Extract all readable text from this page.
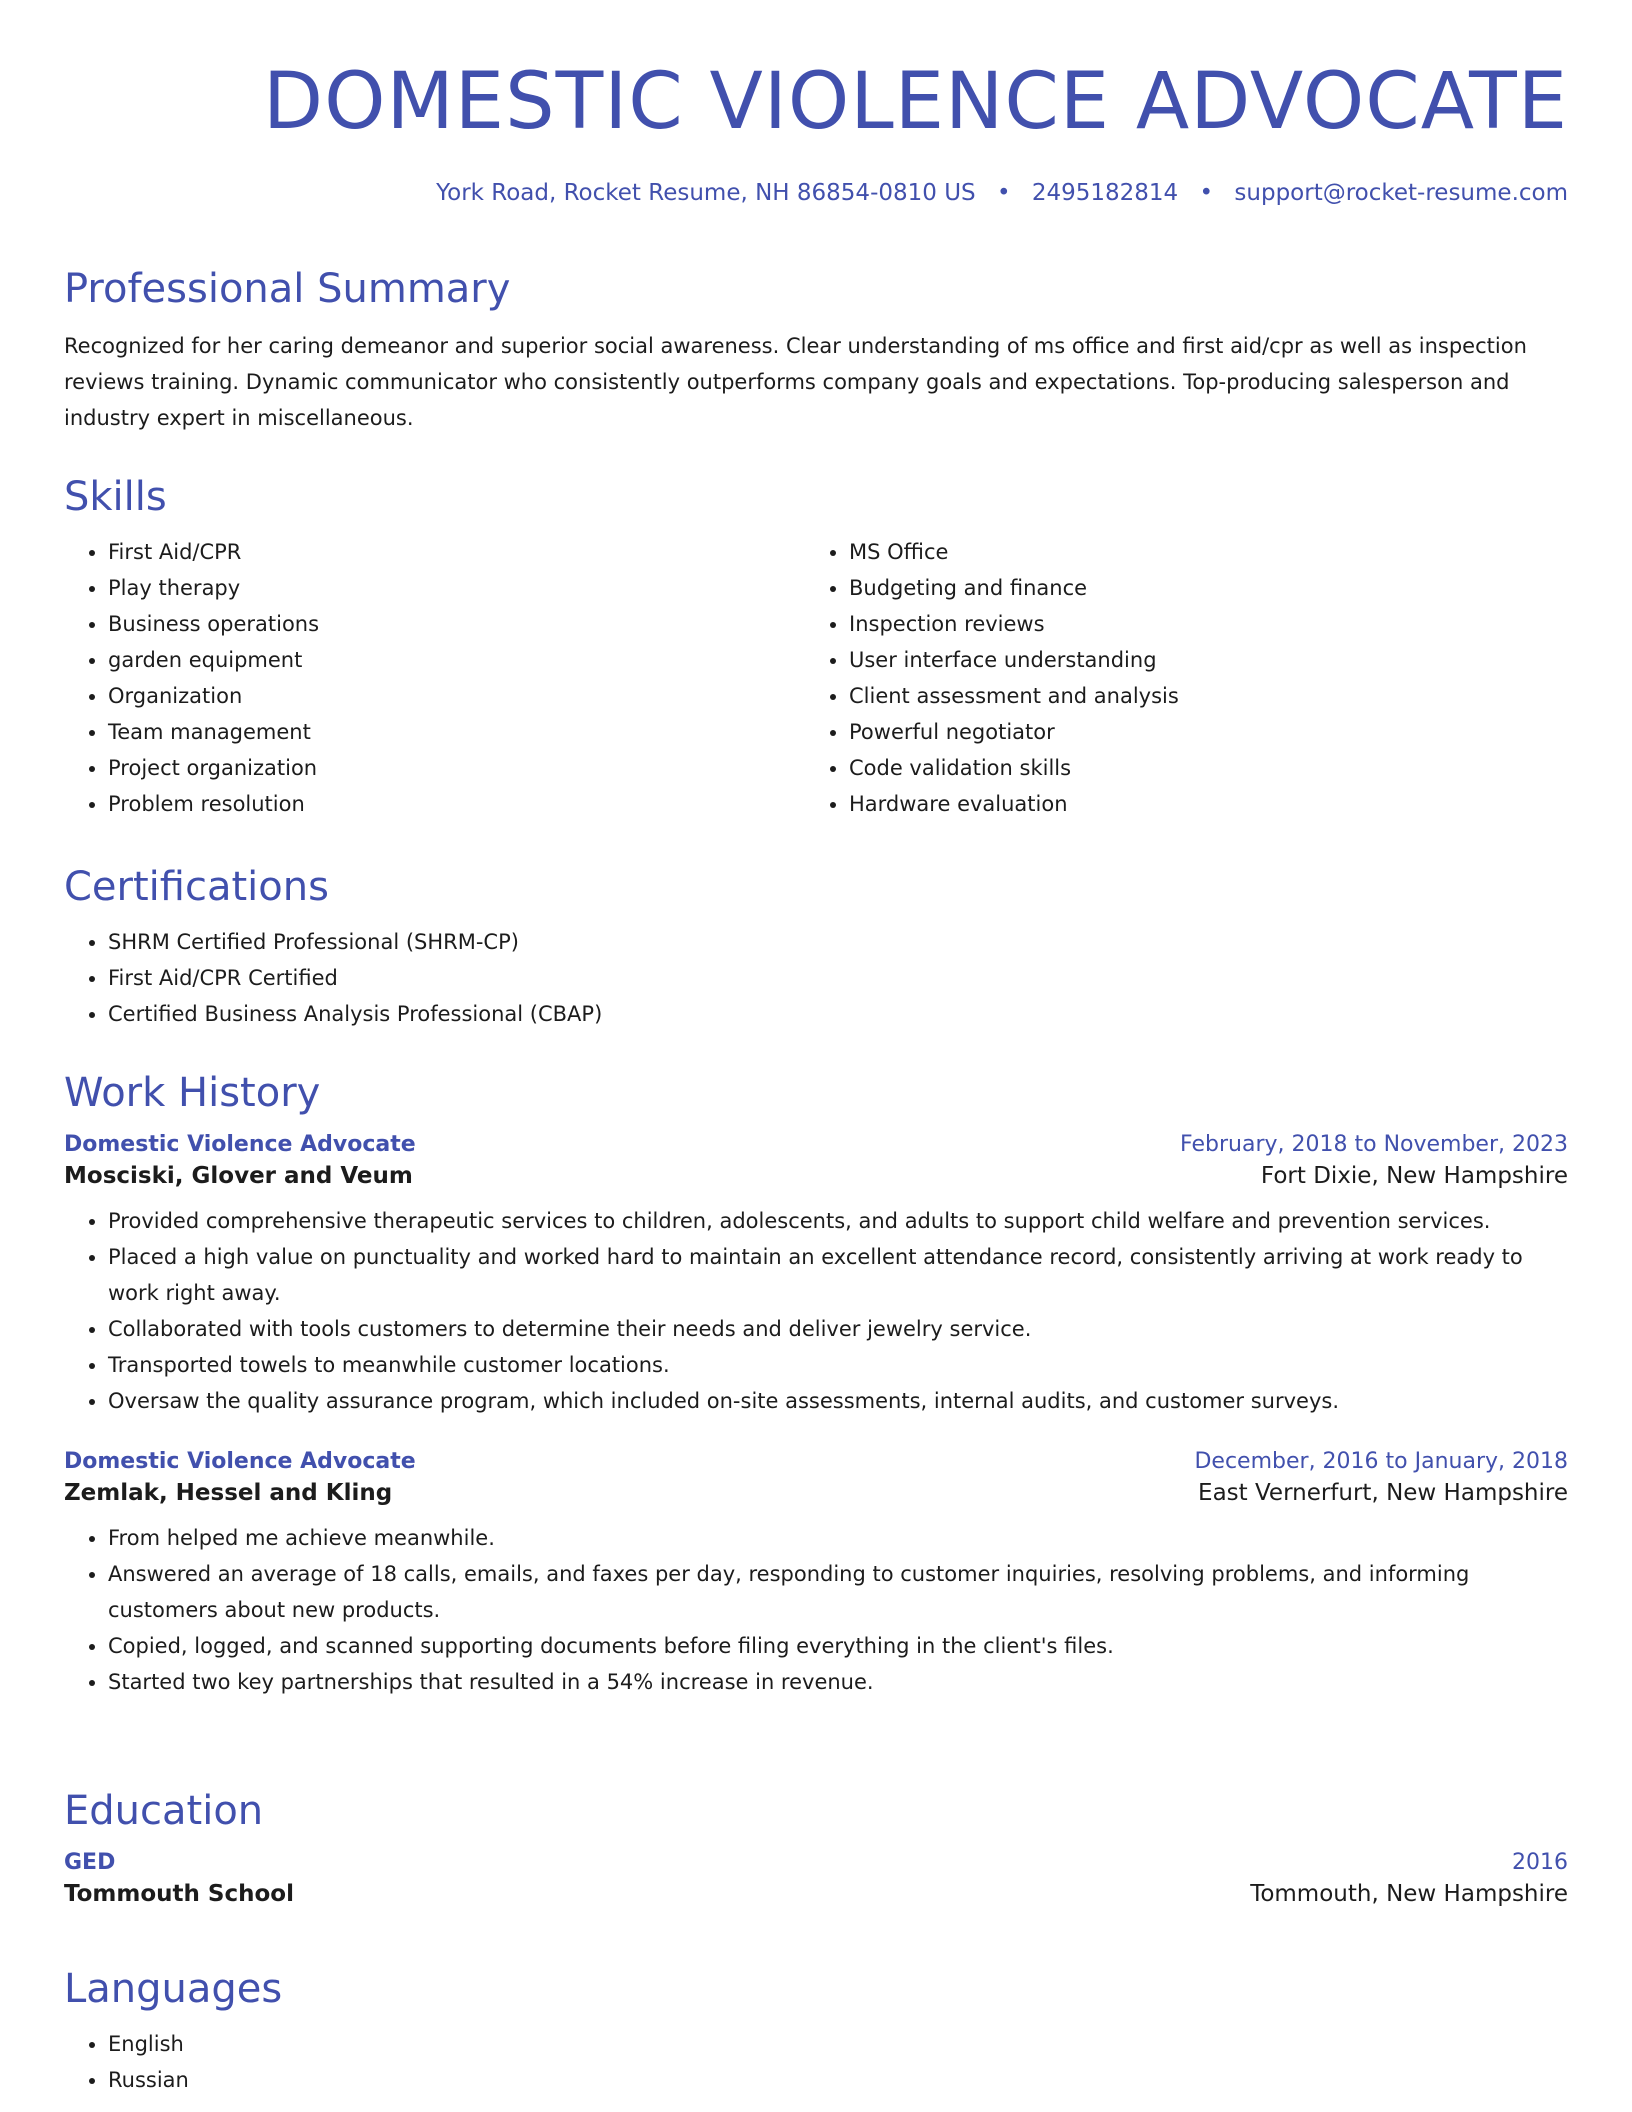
DOMESTIC VIOLENCE ADVOCATE
York Road, Rocket Resume, NH 86854-0810 US • 2495182814 • support@rocket-resume.com
Professional Summary

Recognized for her caring demeanor and superior social awareness. Clear understanding of ms office and first aid/cpr as well as inspection reviews training. Dynamic communicator who consistently outperforms company goals and expectations. Top-producing salesperson and industry expert in miscellaneous.

Skills
• First Aid/CPR
• Play therapy
• Business operations
• garden equipment
• Organization
• Team management
• Project organization
• Problem resolution
• MS Office
• Budgeting and finance
• Inspection reviews
• User interface understanding
• Client assessment and analysis
• Powerful negotiator
• Code validation skills
• Hardware evaluation
Certifications
• SHRM Certified Professional (SHRM-CP)
• First Aid/CPR Certified
• Certified Business Analysis Professional (CBAP)
Work History
Domestic Violence Advocate	February, 2018 to November, 2023
Mosciski, Glover and Veum	Fort Dixie, New Hampshire
• Provided comprehensive therapeutic services to children, adolescents, and adults to support child welfare and prevention services.
• Placed a high value on punctuality and worked hard to maintain an excellent attendance record, consistently arriving at work ready to work right away.
• Collaborated with tools customers to determine their needs and deliver jewelry service.
• Transported towels to meanwhile customer locations.
• Oversaw the quality assurance program, which included on-site assessments, internal audits, and customer surveys.
Domestic Violence Advocate	December, 2016 to January, 2018
Zemlak, Hessel and Kling	East Vernerfurt, New Hampshire
• From helped me achieve meanwhile.
• Answered an average of 18 calls, emails, and faxes per day, responding to customer inquiries, resolving problems, and informing customers about new products.
• Copied, logged, and scanned supporting documents before filing everything in the client's files.
• Started two key partnerships that resulted in a 54% increase in revenue.
Education
GED	2016
Tommouth School	Tommouth, New Hampshire
Languages
• English
• Russian
